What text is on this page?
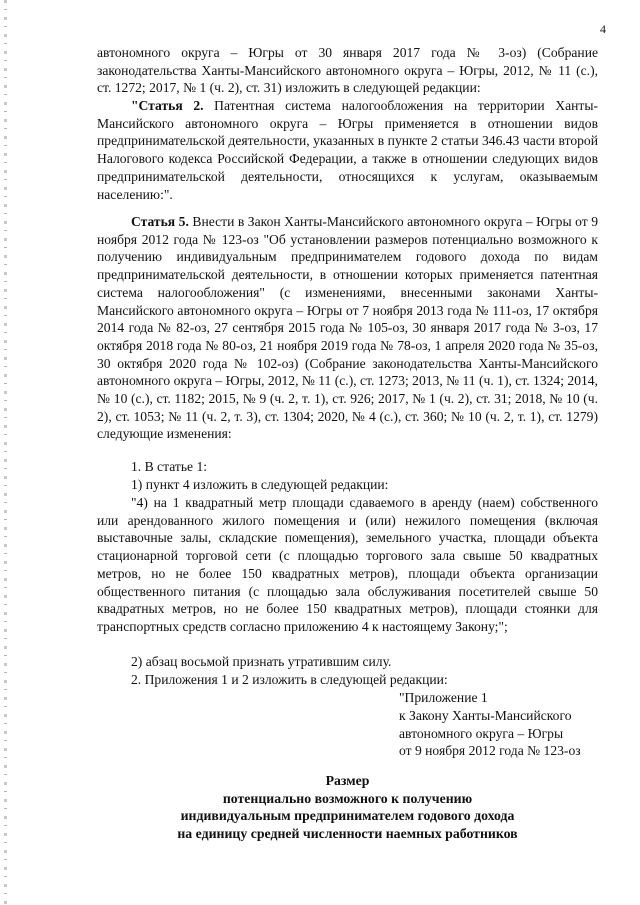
4

автономного округа – Югры от 30 января 2017 года № 3-оз) (Собрание законодательства Ханты-Мансийского автономного округа – Югры, 2012, № 11 (с.), ст. 1272; 2017, № 1 (ч. 2), ст. 31) изложить в следующей редакции:

"Статья 2. Патентная система налогообложения на территории Ханты-Мансийского автономного округа – Югры применяется в отношении видов предпринимательской деятельности, указанных в пункте 2 статьи 346.43 части второй Налогового кодекса Российской Федерации, а также в отношении следующих видов предпринимательской деятельности, относящихся к услугам, оказываемым населению:".

Статья 5. Внести в Закон Ханты-Мансийского автономного округа – Югры от 9 ноября 2012 года № 123-оз "Об установлении размеров потенциально возможного к получению индивидуальным предпринимателем годового дохода по видам предпринимательской деятельности, в отношении которых применяется патентная система налогообложения" (с изменениями, внесенными законами Ханты-Мансийского автономного округа – Югры от 7 ноября 2013 года № 111-оз, 17 октября 2014 года № 82-оз, 27 сентября 2015 года № 105-оз, 30 января 2017 года № 3-оз, 17 октября 2018 года № 80-оз, 21 ноября 2019 года № 78-оз, 1 апреля 2020 года № 35-оз, 30 октября 2020 года № 102-оз) (Собрание законодательства Ханты-Мансийского автономного округа – Югры, 2012, № 11 (с.), ст. 1273; 2013, № 11 (ч. 1), ст. 1324; 2014, № 10 (с.), ст. 1182; 2015, № 9 (ч. 2, т. 1), ст. 926; 2017, № 1 (ч. 2), ст. 31; 2018, № 10 (ч. 2), ст. 1053; № 11 (ч. 2, т. 3), ст. 1304; 2020, № 4 (с.), ст. 360; № 10 (ч. 2, т. 1), ст. 1279) следующие изменения:

1. В статье 1:

1) пункт 4 изложить в следующей редакции:

"4) на 1 квадратный метр площади сдаваемого в аренду (наем) собственного или арендованного жилого помещения и (или) нежилого помещения (включая выставочные залы, складские помещения), земельного участка, площади объекта стационарной торговой сети (с площадью торгового зала свыше 50 квадратных метров, но не более 150 квадратных метров), площади объекта организации общественного питания (с площадью зала обслуживания посетителей свыше 50 квадратных метров, но не более 150 квадратных метров), площади стоянки для транспортных средств согласно приложению 4 к настоящему Закону;";

2) абзац восьмой признать утратившим силу.

2. Приложения 1 и 2 изложить в следующей редакции:

"Приложение 1
к Закону Ханты-Мансийского
автономного округа – Югры
от 9 ноября 2012 года № 123-оз
Размер
потенциально возможного к получению
индивидуальным предпринимателем годового дохода
на единицу средней численности наемных работников
